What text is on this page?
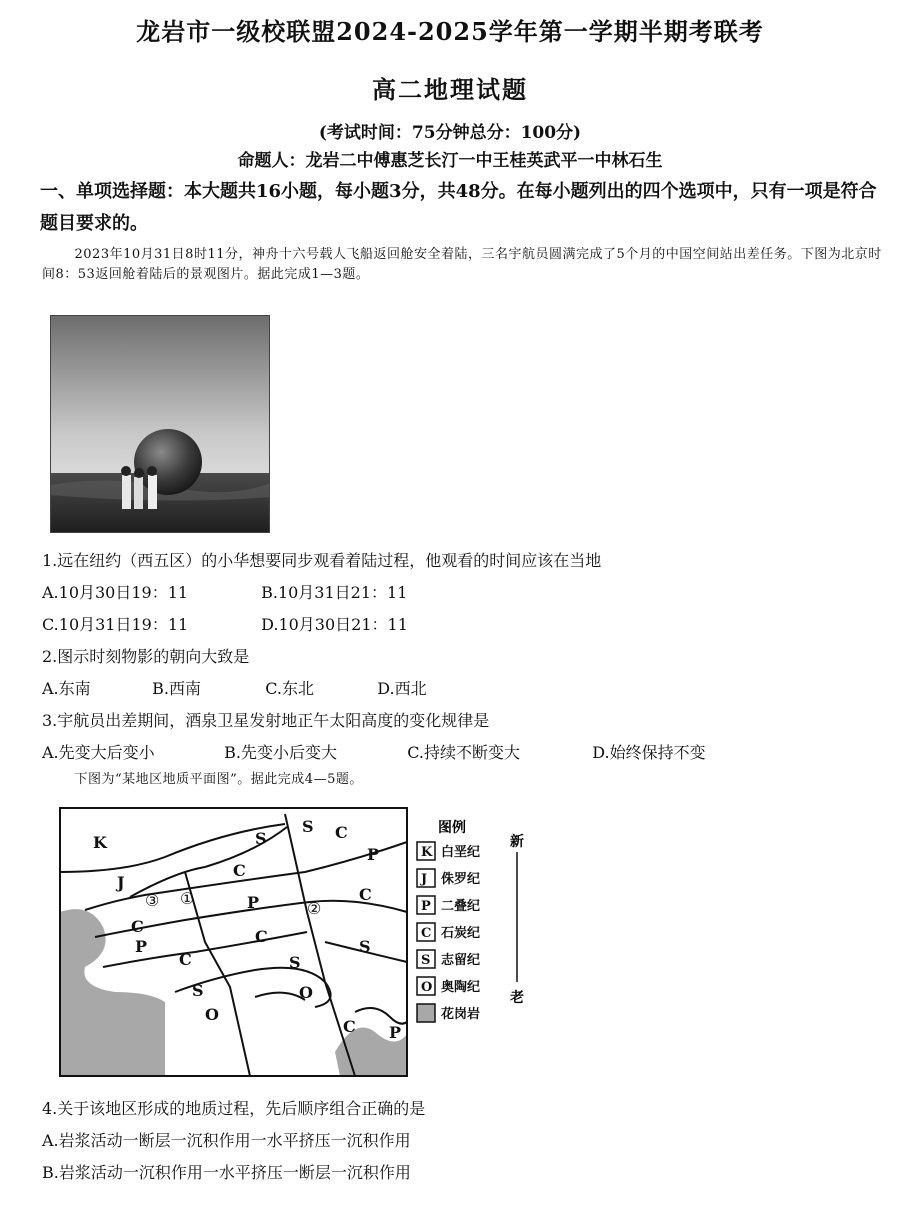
龙岩市一级校联盟2024-2025学年第一学期半期考联考
高二地理试题
(考试时间：75分钟总分：100分)
命题人：龙岩二中傅惠芝长汀一中王桂英武平一中林石生
一、单项选择题：本大题共16小题，每小题3分，共48分。在每小题列出的四个选项中，只有一项是符合题目要求的。
2023年10月31日8时11分，神舟十六号载人飞船返回舱安全着陆，三名宇航员圆满完成了5个月的中国空间站出差任务。下图为北京时间8：53返回舱着陆后的景观图片。据此完成1—3题。
1.远在纽约（西五区）的小华想要同步观看着陆过程，他观看的时间应该在当地
A.10月30日19：11	B.10月31日21：11
C.10月31日19：11	D.10月30日21：11
2.图示时刻物影的朝向大致是
A.东南	B.西南	C.东北	D.西北
3.宇航员出差期间，酒泉卫星发射地正午太阳高度的变化规律是
A.先变大后变小	B.先变小后变大	C.持续不断变大	D.始终保持不变
下图为“某地区地质平面图”。据此完成4—5题。
K
J
S
S C
P
C
C
P
C
P
C
S
C	S
S	O
O
C P
③ ①
②
图例
K 白垩纪
J 侏罗纪
P 二叠纪
C 石炭纪
S 志留纪
O 奥陶纪
花岗岩
新
老
4.关于该地区形成的地质过程，先后顺序组合正确的是
A.岩浆活动一断层一沉积作用一水平挤压一沉积作用
B.岩浆活动一沉积作用一水平挤压一断层一沉积作用
